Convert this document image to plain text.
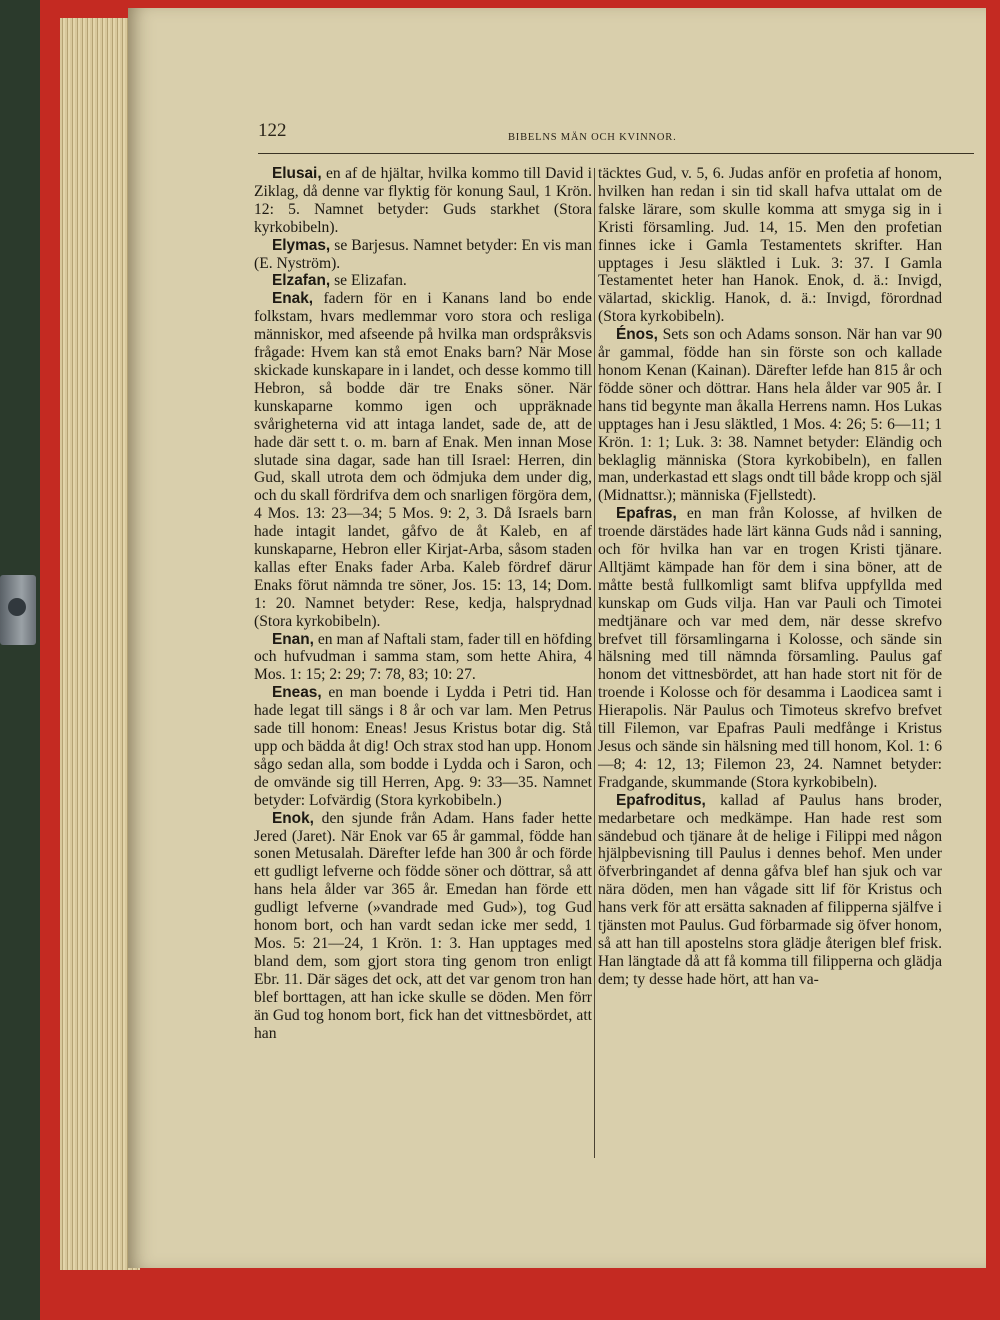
122	BIBELNS MÄN OCH KVINNOR.

Elusai, en af de hjältar, hvilka kommo till David i Ziklag, då denne var flyktig för konung Saul, 1 Krön. 12: 5. Namnet betyder: Guds starkhet (Stora kyrkobibeln).

Elymas, se Barjesus. Namnet betyder: En vis man (E. Nyström).

Elzafan, se Elizafan.

Enak, fadern för en i Kanans land bo ende folkstam, hvars medlemmar voro stora och resliga människor, med afseende på hvilka man ordspråksvis frågade: Hvem kan stå emot Enaks barn? När Mose skickade kunskapare in i landet, och desse kommo till Hebron, så bodde där tre Enaks söner. När kunskaparne kommo igen och uppräknade svårigheterna vid att intaga landet, sade de, att de hade där sett t. o. m. barn af Enak. Men innan Mose slutade sina dagar, sade han till Israel: Herren, din Gud, skall utrota dem och ödmjuka dem under dig, och du skall fördrifva dem och snarligen förgöra dem, 4 Mos. 13: 23—34; 5 Mos. 9: 2, 3. Då Israels barn hade intagit landet, gåfvo de åt Kaleb, en af kunskaparne, Hebron eller Kirjat-Arba, såsom staden kallas efter Enaks fader Arba. Kaleb fördref därur Enaks förut nämnda tre söner, Jos. 15: 13, 14; Dom. 1: 20. Namnet betyder: Rese, kedja, halsprydnad (Stora kyrkobibeln).

Enan, en man af Naftali stam, fader till en höfding och hufvudman i samma stam, som hette Ahira, 4 Mos. 1: 15; 2: 29; 7: 78, 83; 10: 27.

Eneas, en man boende i Lydda i Petri tid. Han hade legat till sängs i 8 år och var lam. Men Petrus sade till honom: Eneas! Jesus Kristus botar dig. Stå upp och bädda åt dig! Och strax stod han upp. Honom sågo sedan alla, som bodde i Lydda och i Saron, och de omvände sig till Herren, Apg. 9: 33—35. Namnet betyder: Lofvärdig (Stora kyrkobibeln.)

Enok, den sjunde från Adam. Hans fader hette Jered (Jaret). När Enok var 65 år gammal, födde han sonen Metusalah. Därefter lefde han 300 år och förde ett gudligt lefverne och födde söner och döttrar, så att hans hela ålder var 365 år. Emedan han förde ett gudligt lefverne (»vandrade med Gud»), tog Gud honom bort, och han vardt sedan icke mer sedd, 1 Mos. 5: 21—24, 1 Krön. 1: 3. Han upptages med bland dem, som gjort stora ting genom tron enligt Ebr. 11. Där säges det ock, att det var genom tron han blef borttagen, att han icke skulle se döden. Men förr än Gud tog honom bort, fick han det vittnesbördet, att han

täcktes Gud, v. 5, 6. Judas anför en profetia af honom, hvilken han redan i sin tid skall hafva uttalat om de falske lärare, som skulle komma att smyga sig in i Kristi församling. Jud. 14, 15. Men den profetian finnes icke i Gamla Testamentets skrifter. Han upptages i Jesu släktled i Luk. 3: 37. I Gamla Testamentet heter han Hanok. Enok, d. ä.: Invigd, välartad, skicklig. Hanok, d. ä.: Invigd, förordnad (Stora kyrkobibeln).

Énos, Sets son och Adams sonson. När han var 90 år gammal, födde han sin förste son och kallade honom Kenan (Kainan). Därefter lefde han 815 år och födde söner och döttrar. Hans hela ålder var 905 år. I hans tid begynte man åkalla Herrens namn. Hos Lukas upptages han i Jesu släktled, 1 Mos. 4: 26; 5: 6—11; 1 Krön. 1: 1; Luk. 3: 38. Namnet betyder: Eländig och beklaglig människa (Stora kyrkobibeln), en fallen man, underkastad ett slags ondt till både kropp och själ (Midnattsr.); människa (Fjellstedt).

Epafras, en man från Kolosse, af hvilken de troende därstädes hade lärt känna Guds nåd i sanning, och för hvilka han var en trogen Kristi tjänare. Alltjämt kämpade han för dem i sina böner, att de måtte bestå fullkomligt samt blifva uppfyllda med kunskap om Guds vilja. Han var Pauli och Timotei medtjänare och var med dem, när desse skrefvo brefvet till församlingarna i Kolosse, och sände sin hälsning med till nämnda församling. Paulus gaf honom det vittnesbördet, att han hade stort nit för de troende i Kolosse och för desamma i Laodicea samt i Hierapolis. När Paulus och Timoteus skrefvo brefvet till Filemon, var Epafras Pauli medfånge i Kristus Jesus och sände sin hälsning med till honom, Kol. 1: 6—8; 4: 12, 13; Filemon 23, 24. Namnet betyder: Fradgande, skummande (Stora kyrkobibeln).

Epafroditus, kallad af Paulus hans broder, medarbetare och medkämpe. Han hade rest som sändebud och tjänare åt de helige i Filippi med någon hjälpbevisning till Paulus i dennes behof. Men under öfverbringandet af denna gåfva blef han sjuk och var nära döden, men han vågade sitt lif för Kristus och hans verk för att ersätta saknaden af filipperna själfve i tjänsten mot Paulus. Gud förbarmade sig öfver honom, så att han till apostelns stora glädje återigen blef frisk. Han längtade då att få komma till filipperna och glädja dem; ty desse hade hört, att han va-
